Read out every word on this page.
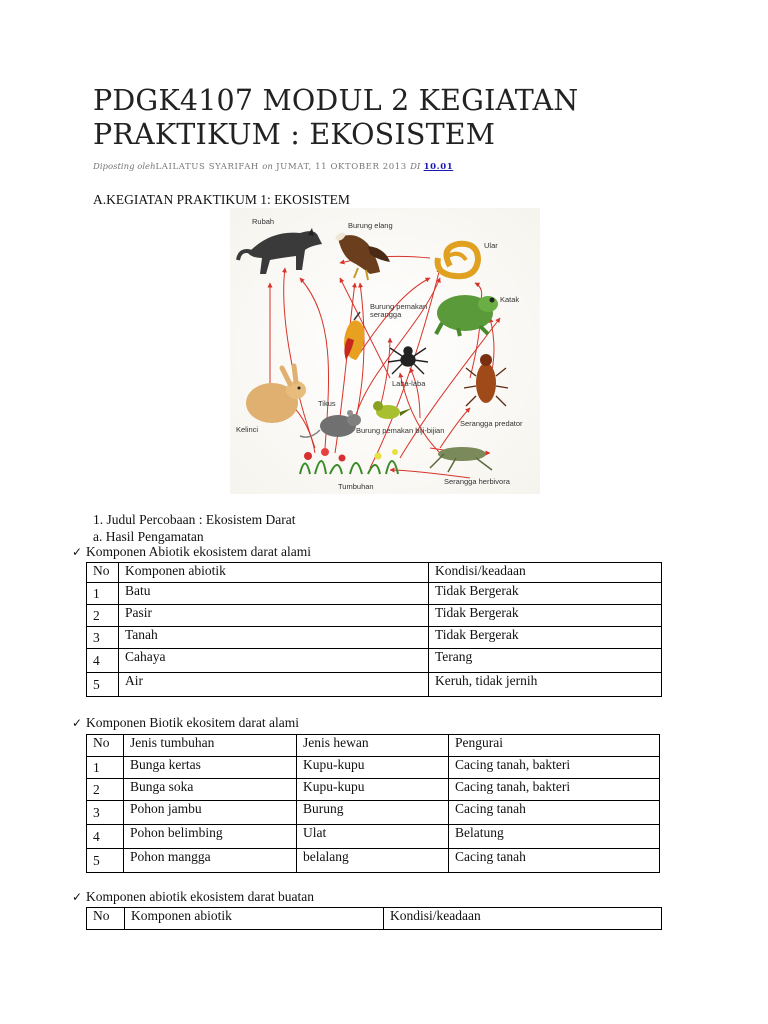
PDGK4107 MODUL 2 KEGIATAN
PRAKTIKUM : EKOSISTEM
Diposting olehLAILATUS SYARIFAH on JUMAT, 11 OKTOBER 2013 DI 10.01
A.KEGIATAN PRAKTIKUM 1: EKOSISTEM
Rubah	Burung elang
Ular
Katak
Burung pemakan
serangga
Laba-laba
Serangga predator
Kelinci
Tikus
Burung pemakan biji-bijian
Serangga herbivora
Tumbuhan
1. Judul Percobaan : Ekosistem Darat
a. Hasil Pengamatan
✓ Komponen Abiotik ekosistem darat alami
No	Komponen abiotik	Kondisi/keadaan
1	Batu	Tidak Bergerak
2	Pasir	Tidak Bergerak
3	Tanah	Tidak Bergerak
4	Cahaya	Terang
5	Air	Keruh, tidak jernih
✓ Komponen Biotik ekositem darat alami
No	Jenis tumbuhan	Jenis hewan	Pengurai
1	Bunga kertas	Kupu-kupu	Cacing tanah, bakteri
2	Bunga soka	Kupu-kupu	Cacing tanah, bakteri
3	Pohon jambu	Burung	Cacing tanah
4	Pohon belimbing	Ulat	Belatung
5	Pohon mangga	belalang	Cacing tanah
✓ Komponen abiotik ekosistem darat buatan
No	Komponen abiotik	Kondisi/keadaan
